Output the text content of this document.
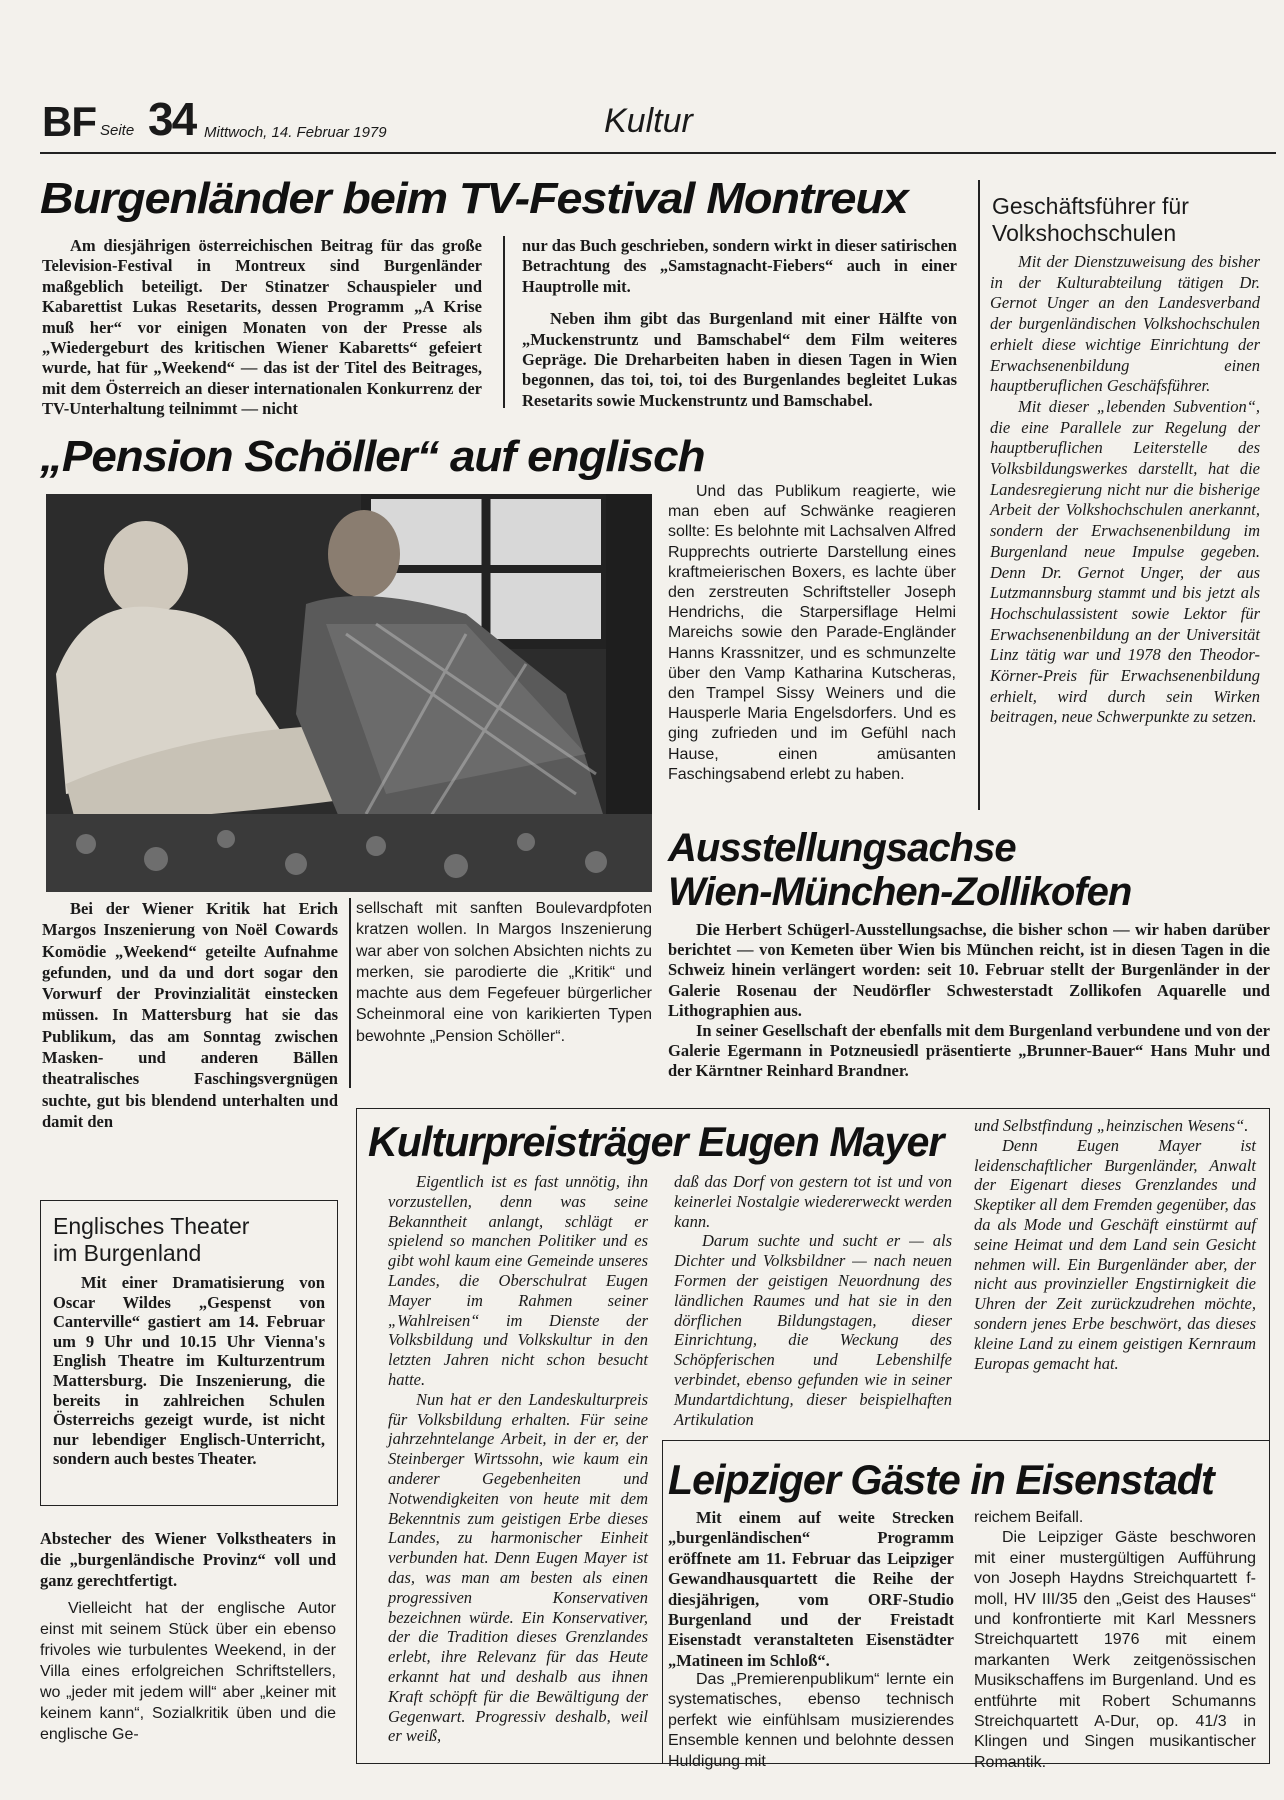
BF Seite 34 Mittwoch, 14. Februar 1979	Kultur
Burgenländer beim TV-Festival Montreux

Am diesjährigen österreichischen Beitrag für das große Television-Festival in Montreux sind Burgenländer maßgeblich beteiligt. Der Stinatzer Schauspieler und Kabarettist Lukas Resetarits, dessen Programm „A Krise muß her“ vor einigen Monaten von der Presse als „Wiedergeburt des kritischen Wiener Kabaretts“ gefeiert wurde, hat für „Weekend“ — das ist der Titel des Beitrages, mit dem Österreich an dieser internationalen Konkurrenz der TV-Unterhaltung teilnimmt — nicht

nur das Buch geschrieben, sondern wirkt in dieser satirischen Betrachtung des „Samstagnacht-Fiebers“ auch in einer Hauptrolle mit.

Neben ihm gibt das Burgenland mit einer Hälfte von „Muckenstruntz und Bamschabel“ dem Film weiteres Gepräge. Die Dreharbeiten haben in diesen Tagen in Wien begonnen, das toi, toi, toi des Burgenlandes begleitet Lukas Resetarits sowie Muckenstruntz und Bamschabel.

Geschäftsführer für Volkshochschulen

Mit der Dienstzuweisung des bisher in der Kulturabteilung tätigen Dr. Gernot Unger an den Landesverband der burgenländischen Volkshochschulen erhielt diese wichtige Einrichtung der Erwachsenenbildung einen hauptberuflichen Geschäfsführer.

Mit dieser „lebenden Subvention“, die eine Parallele zur Regelung der hauptberuflichen Leiterstelle des Volksbildungswerkes darstellt, hat die Landesregierung nicht nur die bisherige Arbeit der Volkshochschulen anerkannt, sondern der Erwachsenenbildung im Burgenland neue Impulse gegeben. Denn Dr. Gernot Unger, der aus Lutzmannsburg stammt und bis jetzt als Hochschulassistent sowie Lektor für Erwachsenenbildung an der Universität Linz tätig war und 1978 den Theodor-Körner-Preis für Erwachsenenbildung erhielt, wird durch sein Wirken beitragen, neue Schwerpunkte zu setzen.

„Pension Schöller“ auf englisch

Und das Publikum reagierte, wie man eben auf Schwänke reagieren sollte: Es belohnte mit Lachsalven Alfred Rupprechts outrierte Darstellung eines kraftmeierischen Boxers, es lachte über den zerstreuten Schriftsteller Joseph Hendrichs, die Starpersiflage Helmi Mareichs sowie den Parade-Engländer Hanns Krassnitzer, und es schmunzelte über den Vamp Katharina Kutscheras, den Trampel Sissy Weiners und die Hausperle Maria Engelsdorfers. Und es ging zufrieden und im Gefühl nach Hause, einen amüsanten Faschingsabend erlebt zu haben.

Bei der Wiener Kritik hat Erich Margos Inszenierung von Noël Cowards Komödie „Weekend“ geteilte Aufnahme gefunden, und da und dort sogar den Vorwurf der Provinzialität einstecken müssen. In Mattersburg hat sie das Publikum, das am Sonntag zwischen Masken- und anderen Bällen theatralisches Faschingsvergnügen suchte, gut bis blendend unterhalten und damit den

sellschaft mit sanften Boulevardpfoten kratzen wollen. In Margos Inszenierung war aber von solchen Absichten nichts zu merken, sie parodierte die „Kritik“ und machte aus dem Fegefeuer bürgerlicher Scheinmoral eine von karikierten Typen bewohnte „Pension Schöller“.

Ausstellungsachse
Wien-München-Zollikofen

Die Herbert Schügerl-Ausstellungsachse, die bisher schon — wir haben darüber berichtet — von Kemeten über Wien bis München reicht, ist in diesen Tagen in die Schweiz hinein verlängert worden: seit 10. Februar stellt der Burgenländer in der Galerie Rosenau der Neudörfler Schwesterstadt Zollikofen Aquarelle und Lithographien aus.

In seiner Gesellschaft der ebenfalls mit dem Burgenland verbundene und von der Galerie Egermann in Potzneusiedl präsentierte „Brunner-Bauer“ Hans Muhr und der Kärntner Reinhard Brandner.

Englisches Theater
im Burgenland

Mit einer Dramatisierung von Oscar Wildes „Gespenst von Canterville“ gastiert am 14. Februar um 9 Uhr und 10.15 Uhr Vienna's English Theatre im Kulturzentrum Mattersburg. Die Inszenierung, die bereits in zahlreichen Schulen Österreichs gezeigt wurde, ist nicht nur lebendiger Englisch-Unterricht, sondern auch bestes Theater.

Abstecher des Wiener Volkstheaters in die „burgenländische Provinz“ voll und ganz gerechtfertigt.

Vielleicht hat der englische Autor einst mit seinem Stück über ein ebenso frivoles wie turbulentes Weekend, in der Villa eines erfolgreichen Schriftstellers, wo „jeder mit jedem will“ aber „keiner mit keinem kann“, Sozialkritik üben und die englische Ge-

Kulturpreisträger Eugen Mayer

Eigentlich ist es fast unnötig, ihn vorzustellen, denn was seine Bekanntheit anlangt, schlägt er spielend so manchen Politiker und es gibt wohl kaum eine Gemeinde unseres Landes, die Oberschulrat Eugen Mayer im Rahmen seiner „Wahlreisen“ im Dienste der Volksbildung und Volkskultur in den letzten Jahren nicht schon besucht hatte.

Nun hat er den Landeskulturpreis für Volksbildung erhalten. Für seine jahrzehntelange Arbeit, in der er, der Steinberger Wirtssohn, wie kaum ein anderer Gegebenheiten und Notwendigkeiten von heute mit dem Bekenntnis zum geistigen Erbe dieses Landes, zu harmonischer Einheit verbunden hat. Denn Eugen Mayer ist das, was man am besten als einen progressiven Konservativen bezeichnen würde. Ein Konservativer, der die Tradition dieses Grenzlandes erlebt, ihre Relevanz für das Heute erkannt hat und deshalb aus ihnen Kraft schöpft für die Bewältigung der Gegenwart. Progressiv deshalb, weil er weiß,

daß das Dorf von gestern tot ist und von keinerlei Nostalgie wiedererweckt werden kann.

Darum suchte und sucht er — als Dichter und Volksbildner — nach neuen Formen der geistigen Neuordnung des ländlichen Raumes und hat sie in den dörflichen Bildungstagen, dieser Einrichtung, die Weckung des Schöpferischen und Lebenshilfe verbindet, ebenso gefunden wie in seiner Mundartdichtung, dieser beispielhaften Artikulation

und Selbstfindung „heinzischen Wesens“.

Denn Eugen Mayer ist leidenschaftlicher Burgenländer, Anwalt der Eigenart dieses Grenzlandes und Skeptiker all dem Fremden gegenüber, das da als Mode und Geschäft einstürmt auf seine Heimat und dem Land sein Gesicht nehmen will. Ein Burgenländer aber, der nicht aus provinzieller Engstirnigkeit die Uhren der Zeit zurückzudrehen möchte, sondern jenes Erbe beschwört, das dieses kleine Land zu einem geistigen Kernraum Europas gemacht hat.

Leipziger Gäste in Eisenstadt

Mit einem auf weite Strecken „burgenländischen“ Programm eröffnete am 11. Februar das Leipziger Gewandhausquartett die Reihe der diesjährigen, vom ORF-Studio Burgenland und der Freistadt Eisenstadt veranstalteten Eisenstädter „Matineen im Schloß“.

Das „Premierenpublikum“ lernte ein systematisches, ebenso technisch perfekt wie einfühlsam musizierendes Ensemble kennen und belohnte dessen Huldigung mit

reichem Beifall.

Die Leipziger Gäste beschworen mit einer mustergültigen Aufführung von Joseph Haydns Streichquartett f-moll, HV III/35 den „Geist des Hauses“ und konfrontierte mit Karl Messners Streichquartett 1976 mit einem markanten Werk zeitgenössischen Musikschaffens im Burgenland. Und es entführte mit Robert Schumanns Streichquartett A-Dur, op. 41/3 in Klingen und Singen musikantischer Romantik.
